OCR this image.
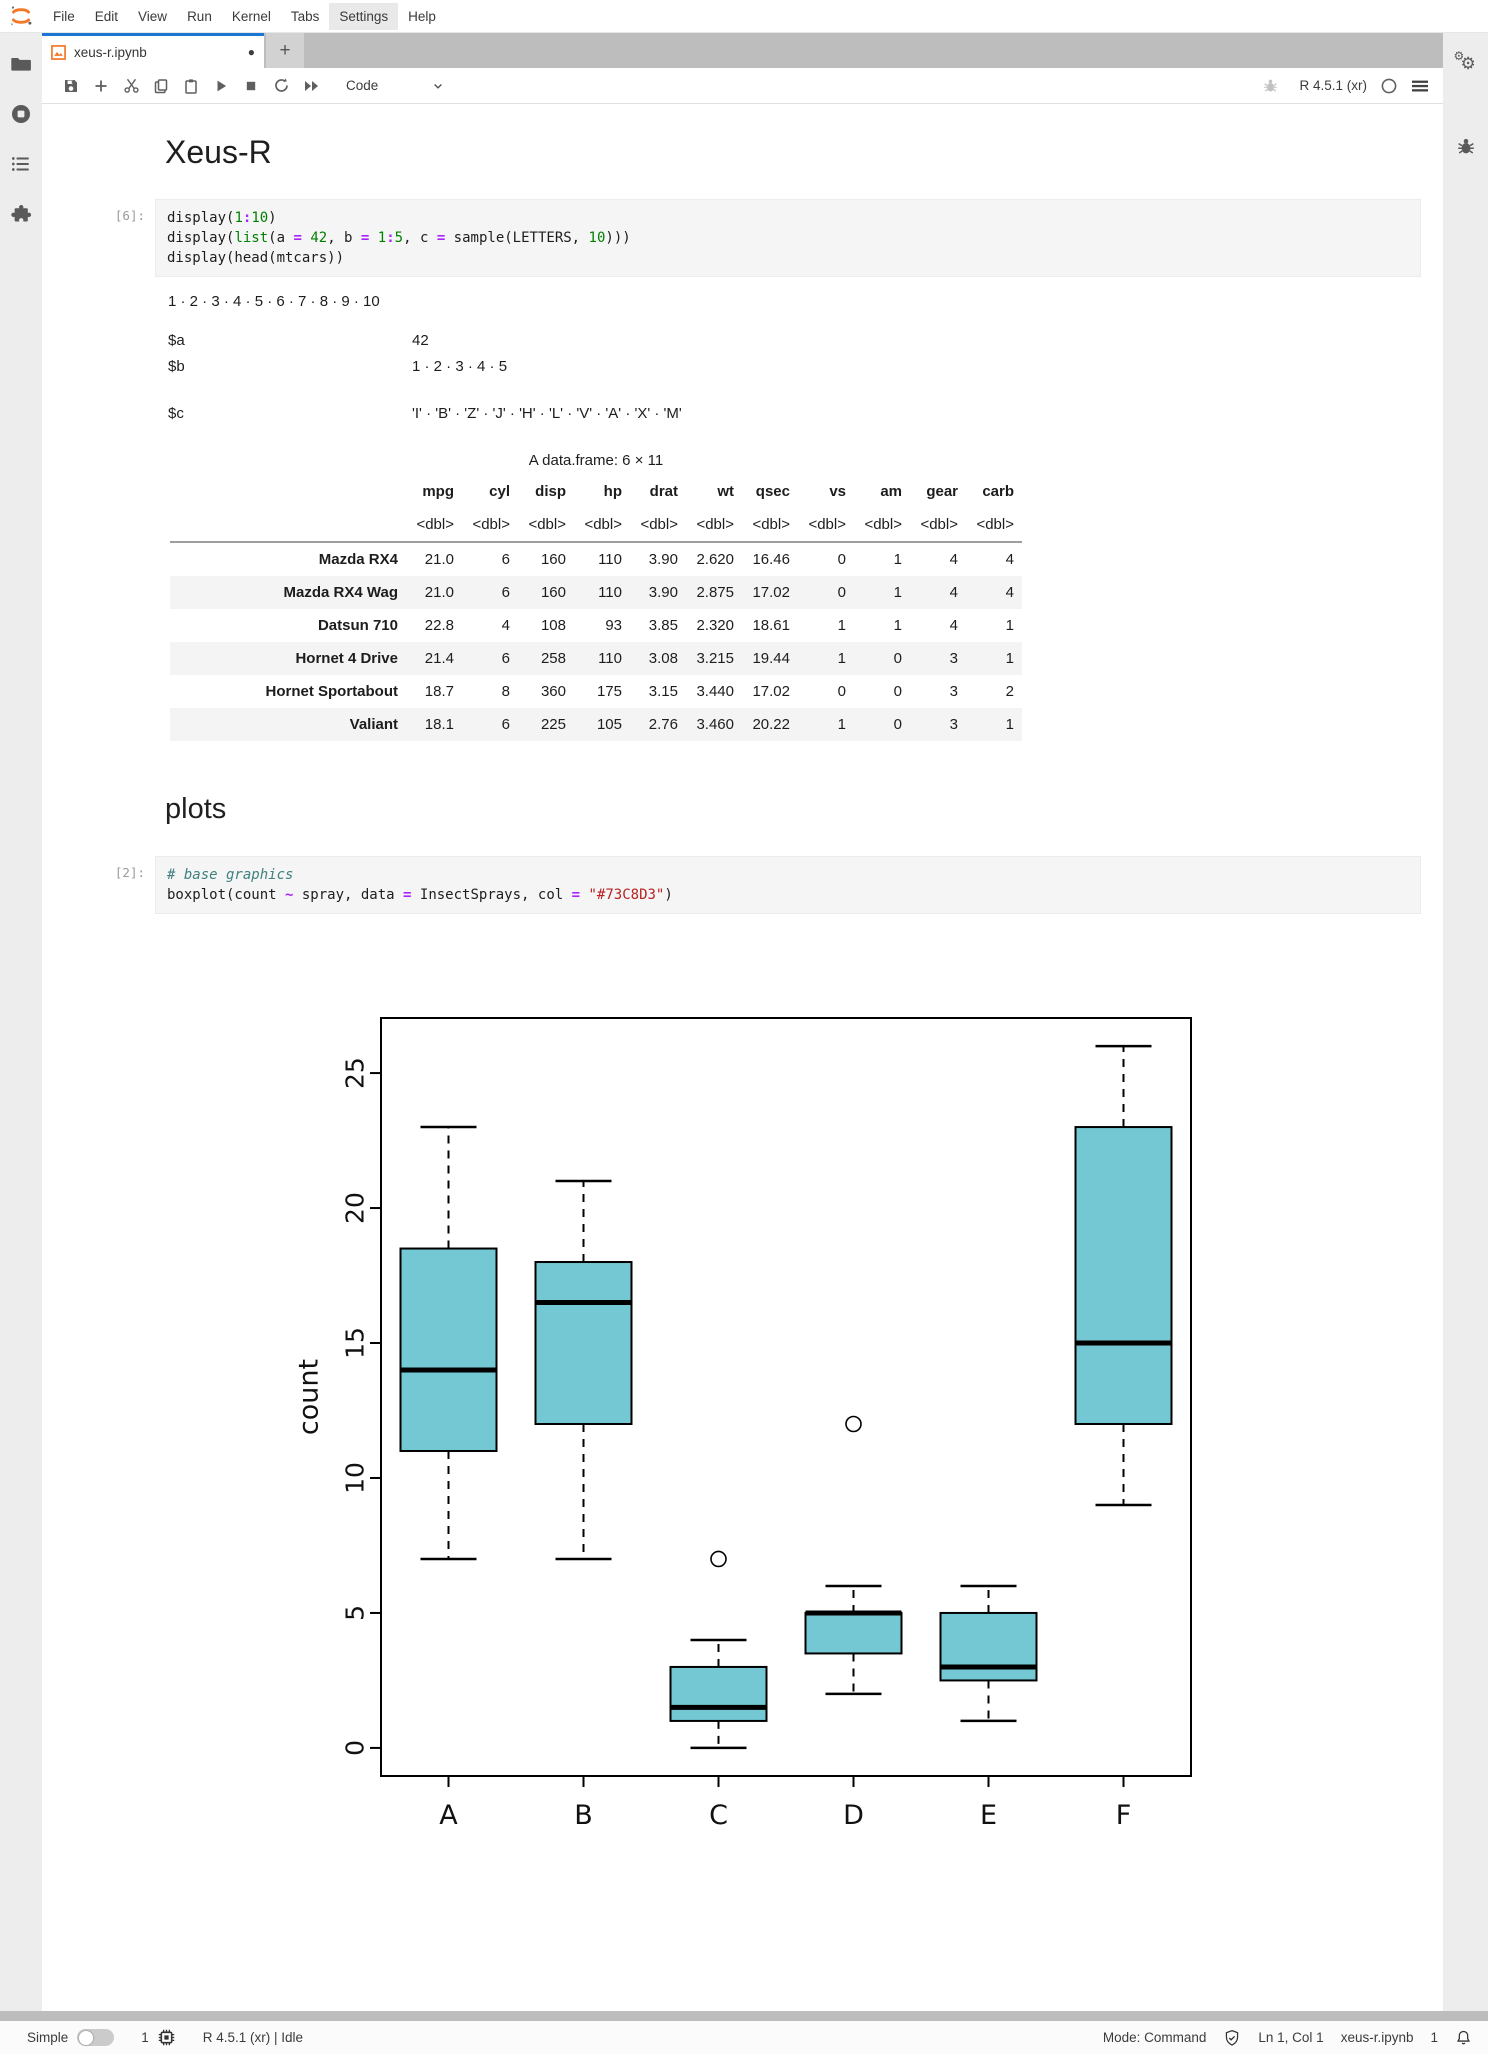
File	Edit	View	Run	Kernel	Tabs	Settings	Help
xeus-r.ipynb	●	+
Code	R 4.5.1 (xr)
Xeus-R
[6]:	display(1:10)
display(list(a = 42, b = 1:5, c = sample(LETTERS, 10)))
display(head(mtcars))
1 · 2 · 3 · 4 · 5 · 6 · 7 · 8 · 9 · 10
$a	42
$b	1 · 2 · 3 · 4 · 5
$c	'I' · 'B' · 'Z' · 'J' · 'H' · 'L' · 'V' · 'A' · 'X' · 'M'
A data.frame: 6 × 11
	mpg	cyl	disp	hp	drat	wt	qsec	vs	am	gear	carb
	<dbl>	<dbl>	<dbl>	<dbl>	<dbl>	<dbl>	<dbl>	<dbl>	<dbl>	<dbl>	<dbl>
Mazda RX4	21.0	6	160	110	3.90	2.620	16.46	0	1	4	4
Mazda RX4 Wag	21.0	6	160	110	3.90	2.875	17.02	0	1	4	4
Datsun 710	22.8	4	108	93	3.85	2.320	18.61	1	1	4	1
Hornet 4 Drive	21.4	6	258	110	3.08	3.215	19.44	1	0	3	1
Hornet Sportabout	18.7	8	360	175	3.15	3.440	17.02	0	0	3	2
Valiant	18.1	6	225	105	2.76	3.460	20.22	1	0	3	1
plots
[2]:	# base graphics
boxplot(count ~ spray, data = InsectSprays, col = "#73C8D3")
0
5
10
15
20
25
count
A	B	C	D	E	F
⚙
⚙
Simple	1	R 4.5.1 (xr) | Idle	Mode: Command	Ln 1, Col 1 xeus-r.ipynb 1
